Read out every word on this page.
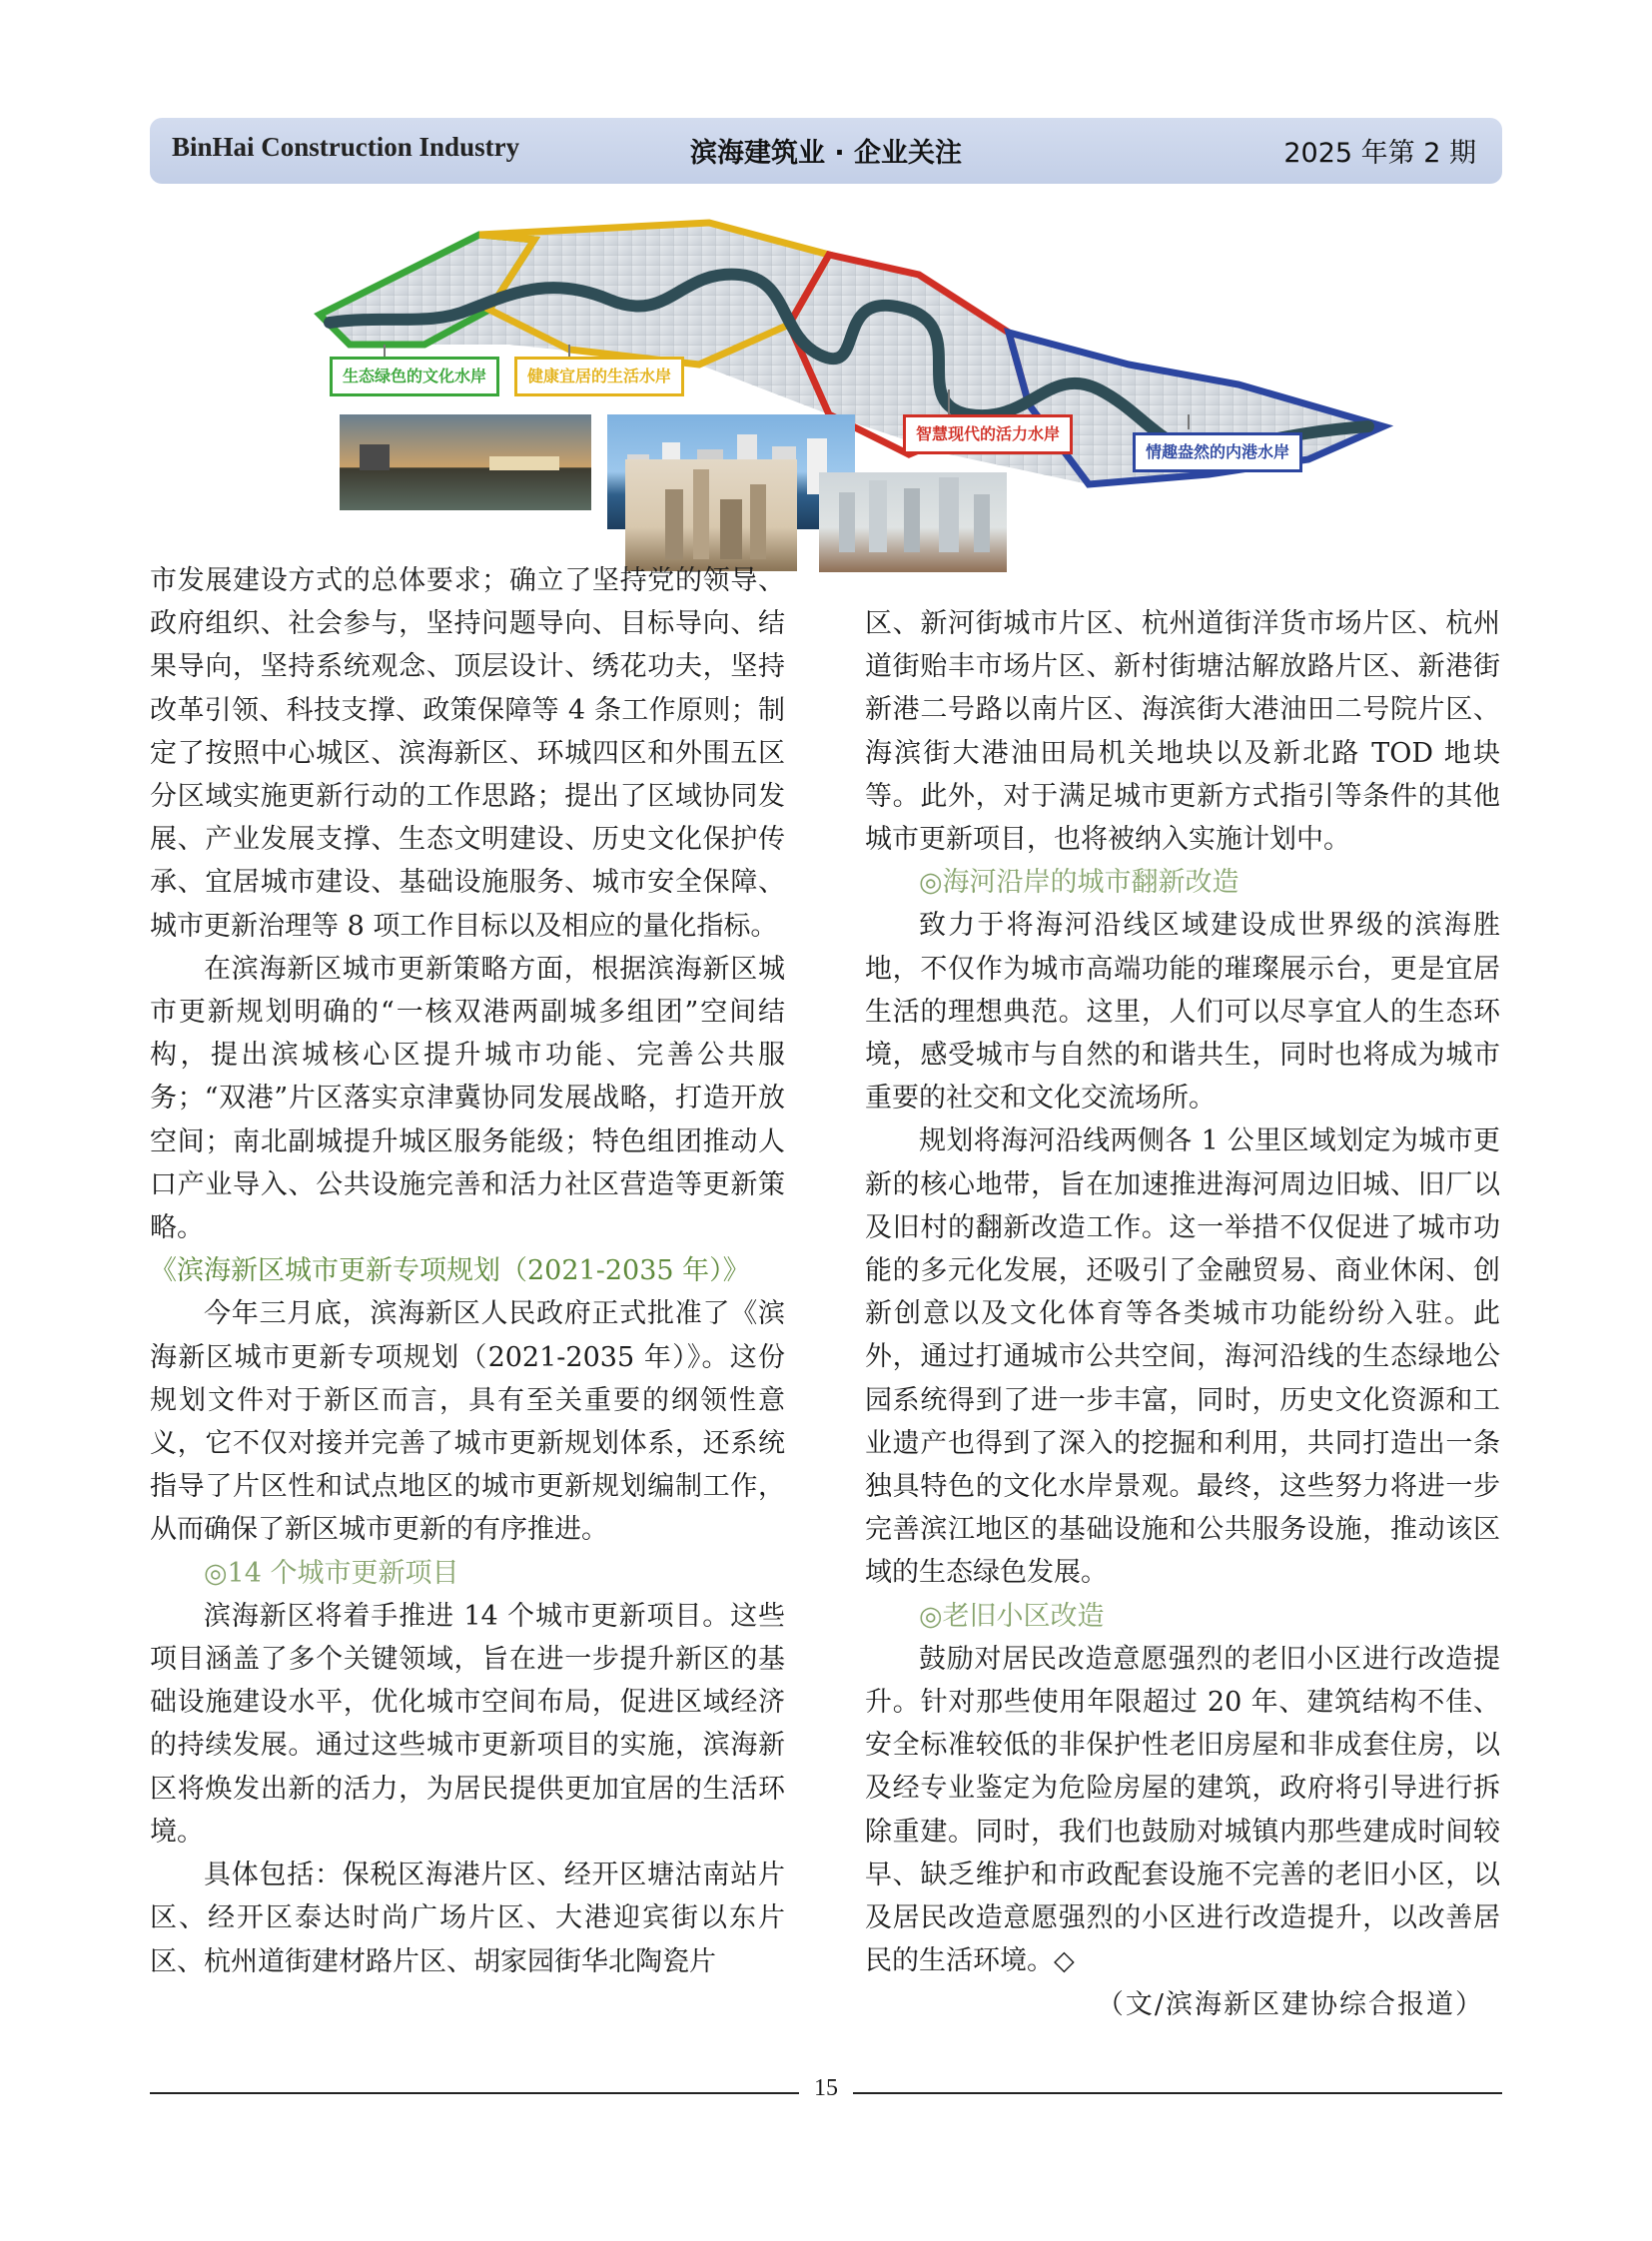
BinHai Construction Industry	滨海建筑业 · 企业关注	2025 年第 2 期
生态绿色的文化水岸	健康宜居的生活水岸
智慧现代的活力水岸
情趣盎然的内港水岸

市发展建设方式的总体要求；确立了坚持党的领导、政府组织、社会参与，坚持问题导向、目标导向、结果导向，坚持系统观念、顶层设计、绣花功夫，坚持改革引领、科技支撑、政策保障等 4 条工作原则；制定了按照中心城区、滨海新区、环城四区和外围五区分区域实施更新行动的工作思路；提出了区域协同发展、产业发展支撑、生态文明建设、历史文化保护传承、宜居城市建设、基础设施服务、城市安全保障、城市更新治理等 8 项工作目标以及相应的量化指标。

在滨海新区城市更新策略方面，根据滨海新区城市更新规划明确的“一核双港两副城多组团”空间结构，提出滨城核心区提升城市功能、完善公共服务；“双港”片区落实京津冀协同发展战略，打造开放空间；南北副城提升城区服务能级；特色组团推动人口产业导入、公共设施完善和活力社区营造等更新策略。

《滨海新区城市更新专项规划（2021-2035 年）》

今年三月底，滨海新区人民政府正式批准了《滨海新区城市更新专项规划（2021-2035 年）》。这份规划文件对于新区而言，具有至关重要的纲领性意义，它不仅对接并完善了城市更新规划体系，还系统指导了片区性和试点地区的城市更新规划编制工作，从而确保了新区城市更新的有序推进。

◎14 个城市更新项目

滨海新区将着手推进 14 个城市更新项目。这些项目涵盖了多个关键领域，旨在进一步提升新区的基础设施建设水平，优化城市空间布局，促进区域经济的持续发展。通过这些城市更新项目的实施，滨海新区将焕发出新的活力，为居民提供更加宜居的生活环境。

具体包括：保税区海港片区、经开区塘沽南站片区、经开区泰达时尚广场片区、大港迎宾街以东片区、杭州道街建材路片区、胡家园街华北陶瓷片

区、新河街城市片区、杭州道街洋货市场片区、杭州道街贻丰市场片区、新村街塘沽解放路片区、新港街新港二号路以南片区、海滨街大港油田二号院片区、海滨街大港油田局机关地块以及新北路 TOD 地块等。此外，对于满足城市更新方式指引等条件的其他城市更新项目，也将被纳入实施计划中。

◎海河沿岸的城市翻新改造

致力于将海河沿线区域建设成世界级的滨海胜地，不仅作为城市高端功能的璀璨展示台，更是宜居生活的理想典范。这里，人们可以尽享宜人的生态环境，感受城市与自然的和谐共生，同时也将成为城市重要的社交和文化交流场所。

规划将海河沿线两侧各 1 公里区域划定为城市更新的核心地带，旨在加速推进海河周边旧城、旧厂以及旧村的翻新改造工作。这一举措不仅促进了城市功能的多元化发展，还吸引了金融贸易、商业休闲、创新创意以及文化体育等各类城市功能纷纷入驻。此外，通过打通城市公共空间，海河沿线的生态绿地公园系统得到了进一步丰富，同时，历史文化资源和工业遗产也得到了深入的挖掘和利用，共同打造出一条独具特色的文化水岸景观。最终，这些努力将进一步完善滨江地区的基础设施和公共服务设施，推动该区域的生态绿色发展。

◎老旧小区改造

鼓励对居民改造意愿强烈的老旧小区进行改造提升。针对那些使用年限超过 20 年、建筑结构不佳、安全标准较低的非保护性老旧房屋和非成套住房，以及经专业鉴定为危险房屋的建筑，政府将引导进行拆除重建。同时，我们也鼓励对城镇内那些建成时间较早、缺乏维护和市政配套设施不完善的老旧小区，以及居民改造意愿强烈的小区进行改造提升，以改善居民的生活环境。◇

（文/滨海新区建协综合报道）

15
